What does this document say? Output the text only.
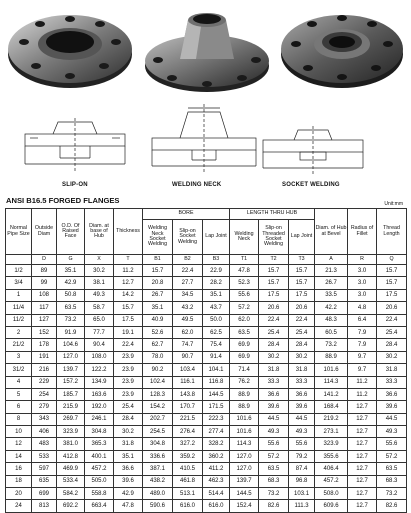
SLIP-ON	WELDING NECK	SOCKET WELDING
ANSI B16.5 FORGED FLANGES	Unit:mm
Normal Pipe Size	Outside Diam	O.D. Of Raised Face	Diam. at base of Hub	Thickness	BORE			LENGTH THRU HUB			Diam. of Hub at Bevel	Radius of Fillet	Thread Length
					Welding Neck Socket Welding	Slip-on Socket Welding	Lap Joint	Welding Neck	Slip-on Threaded Socket Welding	Lap Joint			
	D	G	X	T	B1	B2	B3	T1	T2	T3	A	R	Q
1/2	89	35.1	30.2	11.2	15.7	22.4	22.9	47.8	15.7	15.7	21.3	3.0	15.7
3/4	99	42.9	38.1	12.7	20.8	27.7	28.2	52.3	15.7	15.7	26.7	3.0	15.7
1	108	50.8	49.3	14.2	26.7	34.5	35.1	55.6	17.5	17.5	33.5	3.0	17.5
11/4	117	63.5	58.7	15.7	35.1	43.2	43.7	57.2	20.6	20.6	42.2	4.8	20.6
11/2	127	73.2	65.0	17.5	40.9	49.5	50.0	62.0	22.4	22.4	48.3	6.4	22.4
2	152	91.9	77.7	19.1	52.6	62.0	62.5	63.5	25.4	25.4	60.5	7.9	25.4
21/2	178	104.6	90.4	22.4	62.7	74.7	75.4	69.9	28.4	28.4	73.2	7.9	28.4
3	191	127.0	108.0	23.9	78.0	90.7	91.4	69.9	30.2	30.2	88.9	9.7	30.2
31/2	216	139.7	122.2	23.9	90.2	103.4	104.1	71.4	31.8	31.8	101.6	9.7	31.8
4	229	157.2	134.9	23.9	102.4	116.1	116.8	76.2	33.3	33.3	114.3	11.2	33.3
5	254	185.7	163.6	23.9	128.3	143.8	144.5	88.9	36.6	36.6	141.2	11.2	36.6
6	279	215.9	192.0	25.4	154.2	170.7	171.5	88.9	39.6	39.6	168.4	12.7	39.6
8	343	269.7	246.1	28.4	202.7	221.5	222.3	101.6	44.5	44.5	219.2	12.7	44.5
10	406	323.9	304.8	30.2	254.5	276.4	277.4	101.6	49.3	49.3	273.1	12.7	49.3
12	483	381.0	365.3	31.8	304.8	327.2	328.2	114.3	55.6	55.6	323.9	12.7	55.6
14	533	412.8	400.1	35.1	336.6	359.2	360.2	127.0	57.2	79.2	355.6	12.7	57.2
16	597	469.9	457.2	36.6	387.1	410.5	411.2	127.0	63.5	87.4	406.4	12.7	63.5
18	635	533.4	505.0	39.6	438.2	461.8	462.3	139.7	68.3	96.8	457.2	12.7	68.3
20	699	584.2	558.8	42.9	489.0	513.1	514.4	144.5	73.2	103.1	508.0	12.7	73.2
24	813	692.2	663.4	47.8	590.6	616.0	616.0	152.4	82.6	111.3	609.6	12.7	82.6
